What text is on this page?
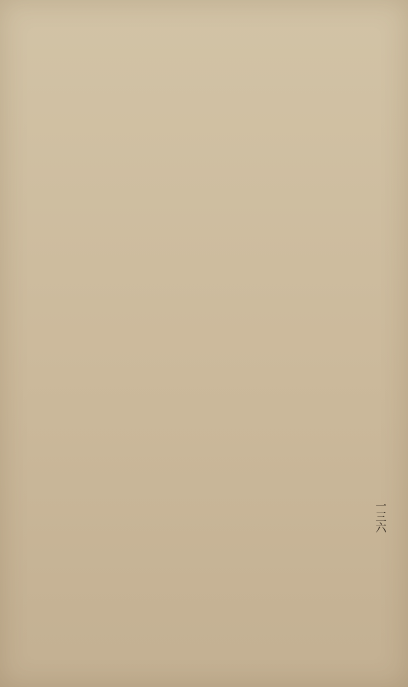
一三六
